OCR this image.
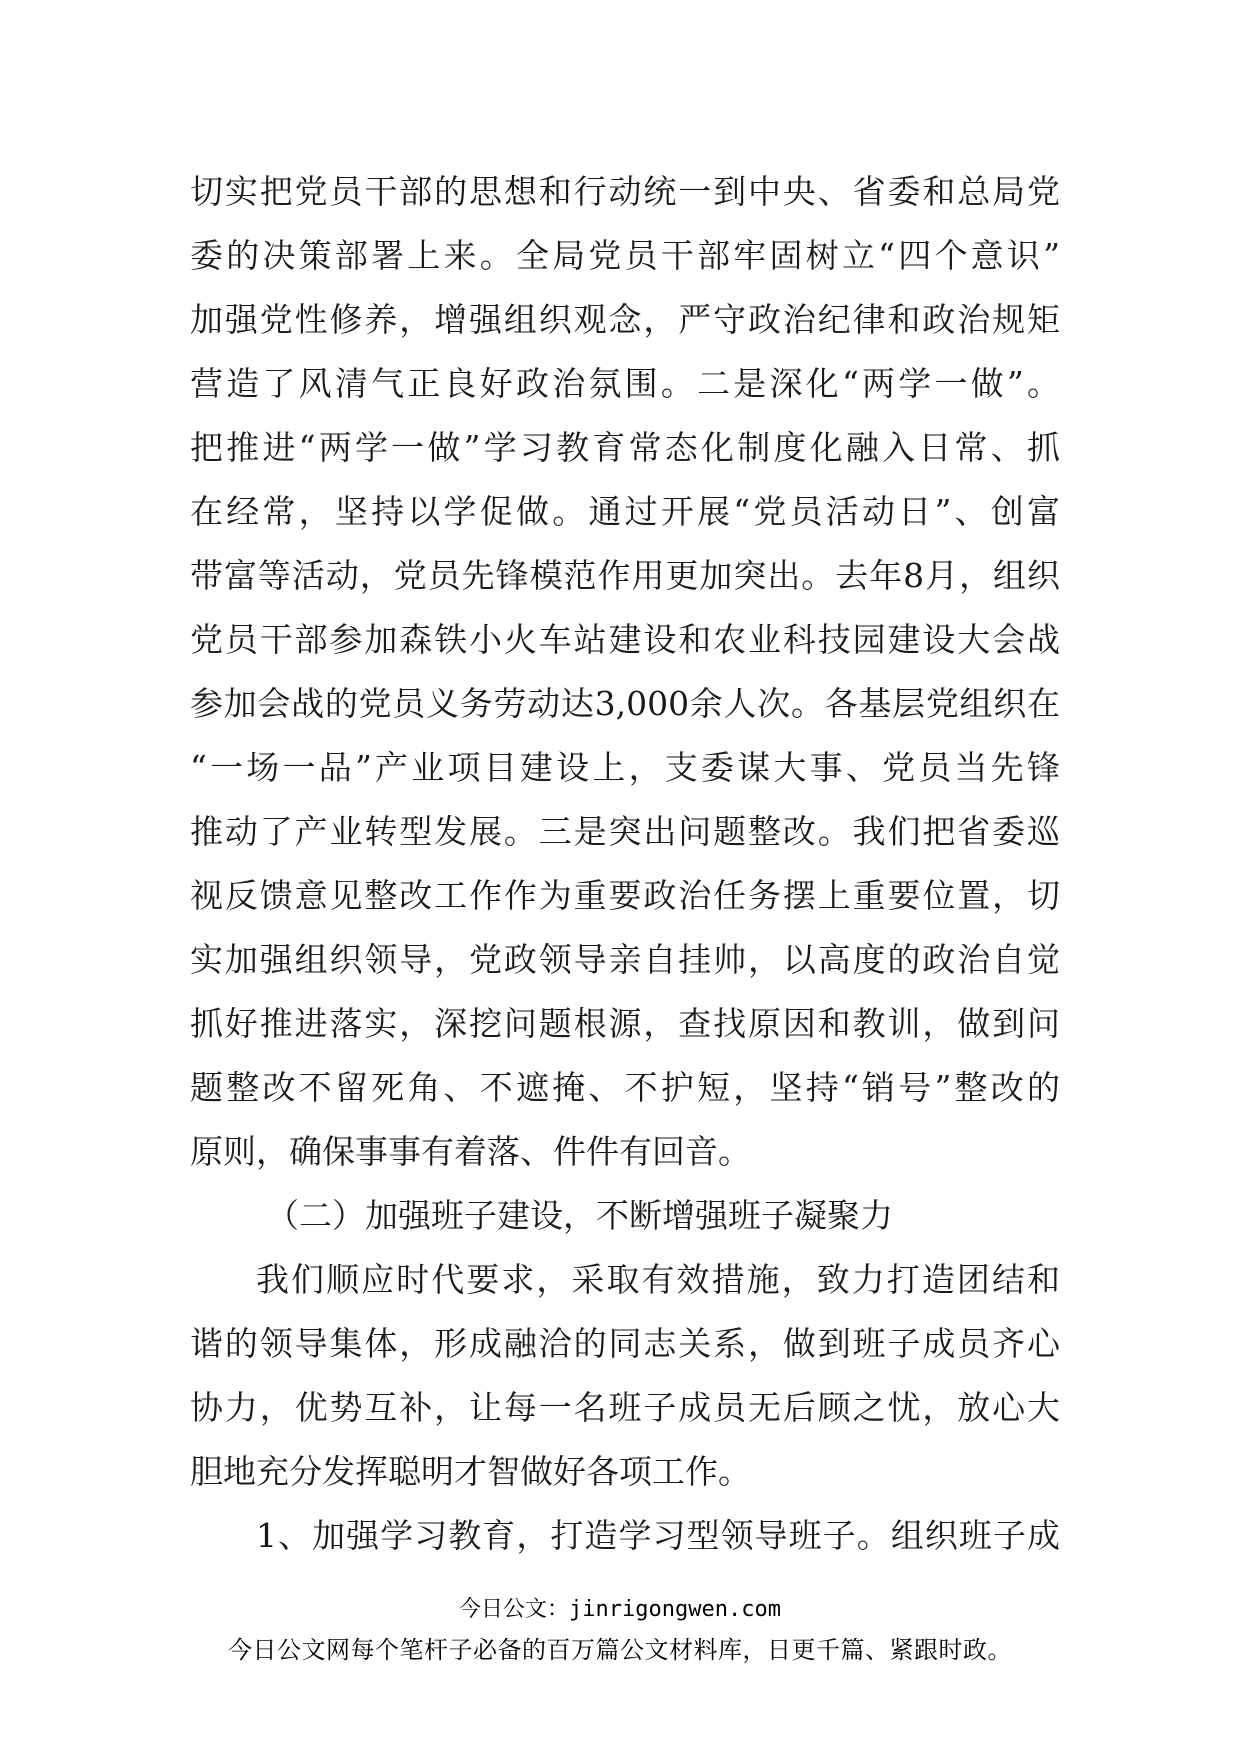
切实把党员干部的思想和行动统一到中央、省委和总局党
委的决策部署上来。全局党员干部牢固树立“四个意识”
加强党性修养，增强组织观念，严守政治纪律和政治规矩
营造了风清气正良好政治氛围。二是深化“两学一做”。
把推进“两学一做”学习教育常态化制度化融入日常、抓
在经常，坚持以学促做。通过开展“党员活动日”、创富
带富等活动，党员先锋模范作用更加突出。去年8月，组织
党员干部参加森铁小火车站建设和农业科技园建设大会战
参加会战的党员义务劳动达3,000余人次。各基层党组织在
“一场一品”产业项目建设上，支委谋大事、党员当先锋
推动了产业转型发展。三是突出问题整改。我们把省委巡
视反馈意见整改工作作为重要政治任务摆上重要位置，切
实加强组织领导，党政领导亲自挂帅，以高度的政治自觉
抓好推进落实，深挖问题根源，查找原因和教训，做到问
题整改不留死角、不遮掩、不护短，坚持“销号”整改的
原则，确保事事有着落、件件有回音。
（二）加强班子建设，不断增强班子凝聚力
我们顺应时代要求，采取有效措施，致力打造团结和
谐的领导集体，形成融洽的同志关系，做到班子成员齐心
协力，优势互补，让每一名班子成员无后顾之忧，放心大
胆地充分发挥聪明才智做好各项工作。
1、加强学习教育，打造学习型领导班子。组织班子成
今日公文：jinrigongwen.com
今日公文网每个笔杆子必备的百万篇公文材料库，日更千篇、紧跟时政。
